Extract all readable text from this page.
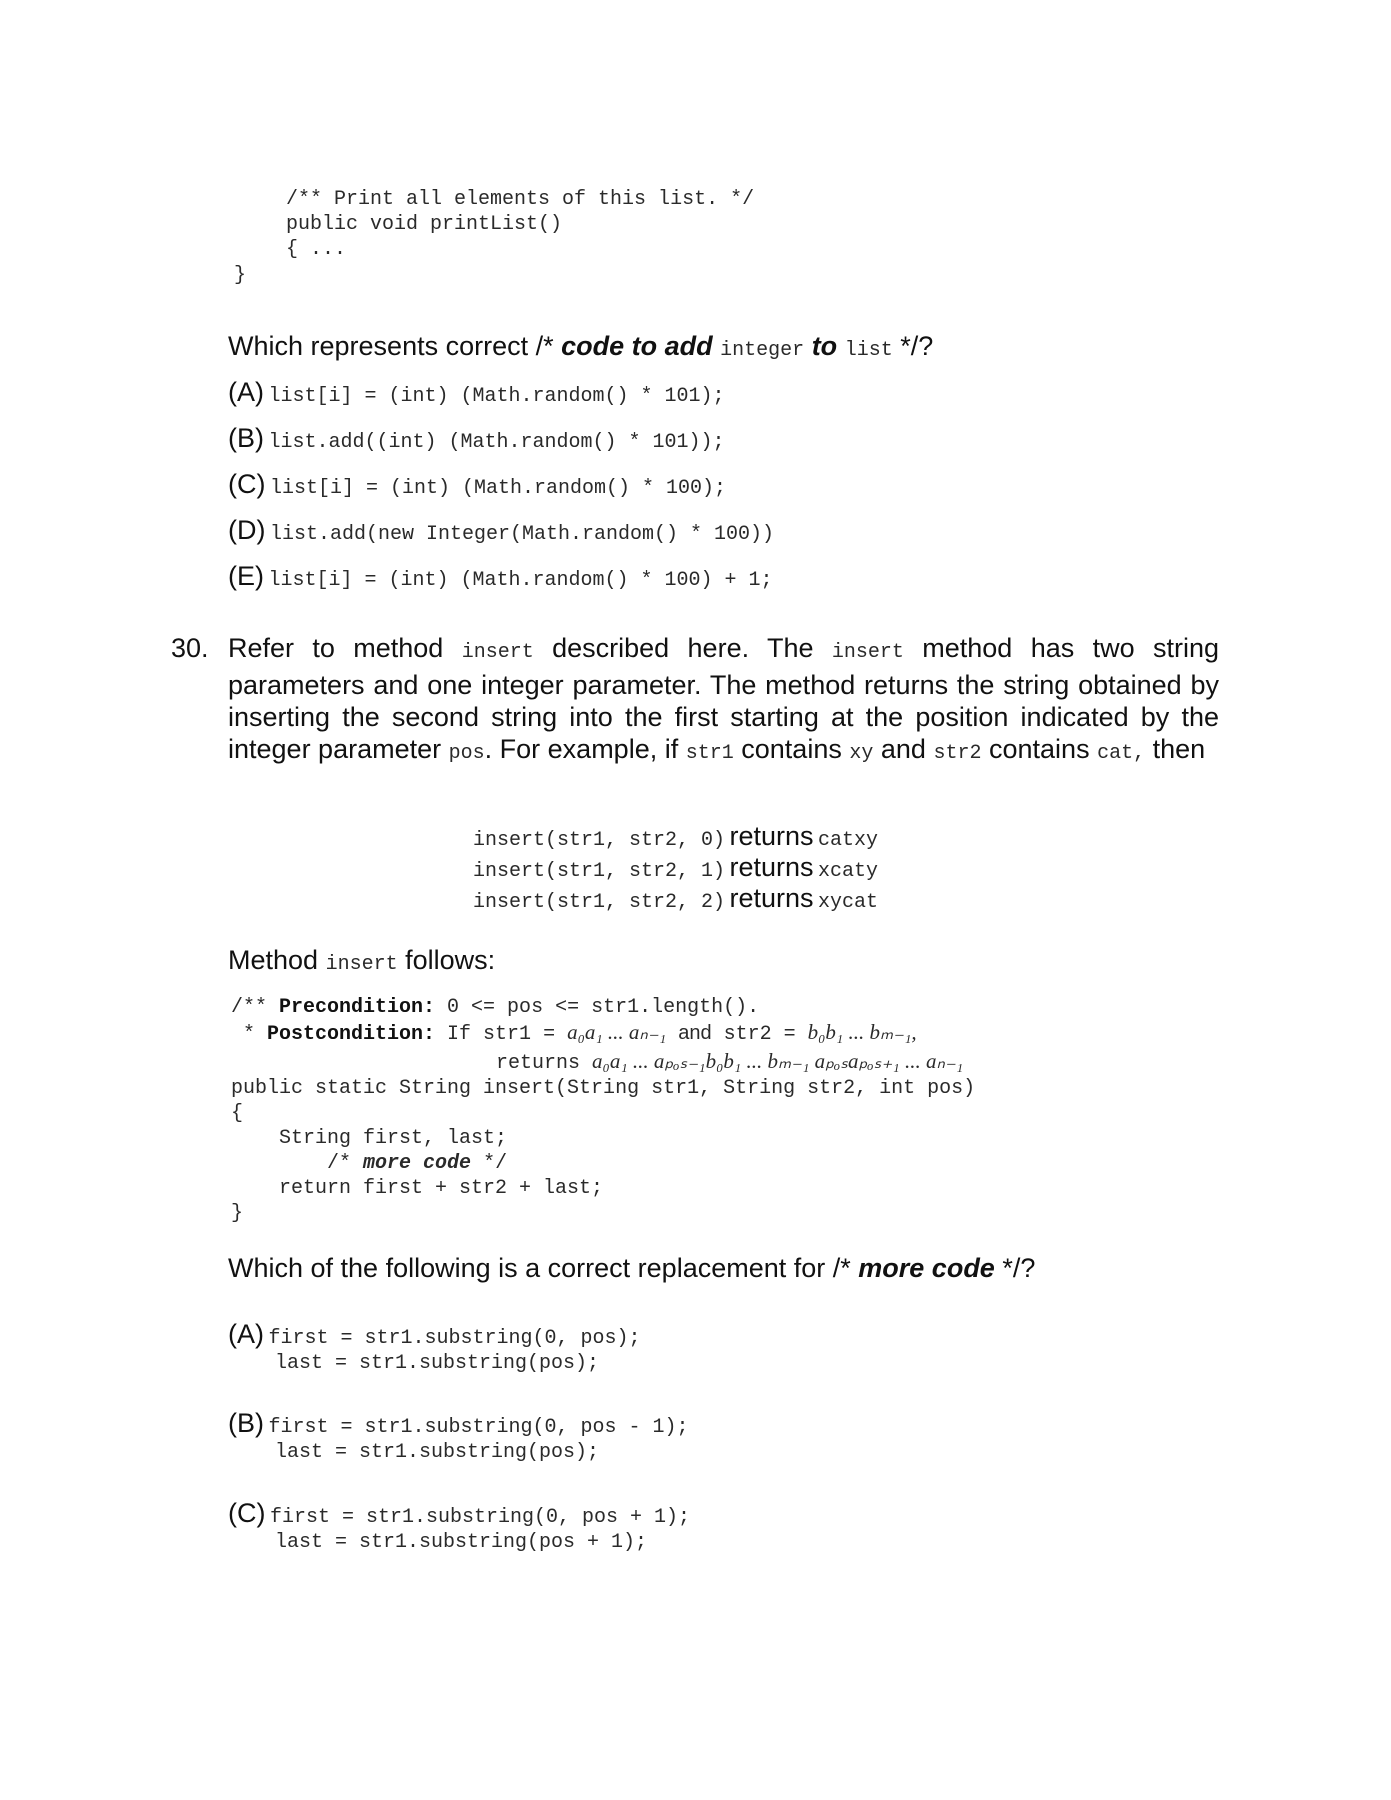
/** Print all elements of this list. */
public void printList()
{ ...
}

Which represents correct /* code to add integer to list */?

(A) list[i] = (int) (Math.random() * 101);

(B) list.add((int) (Math.random() * 101));

(C) list[i] = (int) (Math.random() * 100);

(D) list.add(new Integer(Math.random() * 100))

(E) list[i] = (int) (Math.random() * 100) + 1;

30. Refer to method insert described here. The insert method has two string parameters and one integer parameter. The method returns the string obtained by inserting the second string into the first starting at the position indicated by the integer parameter pos. For example, if str1 contains xy and str2 contains cat, then

insert(str1, str2, 0) returns catxy

insert(str1, str2, 1) returns xcaty

insert(str1, str2, 2) returns xycat

Method insert follows:

/** Precondition: 0 <= pos <= str1.length().
* Postcondition: If str1 = a₀a₁ ... aₙ₋₁ and str2 = b₀b₁ ... bₘ₋₁,
returns a₀a₁ ... aₚₒₛ₋₁b₀b₁ ... bₘ₋₁ aₚₒₛaₚₒₛ₊₁ ... aₙ₋₁
public static String insert(String str1, String str2, int pos)
{
String first, last;
/* more code */
return first + str2 + last;
}

Which of the following is a correct replacement for /* more code */?

(A) first = str1.substring(0, pos);

last = str1.substring(pos);

(B) first = str1.substring(0, pos - 1);

last = str1.substring(pos);

(C) first = str1.substring(0, pos + 1);

last = str1.substring(pos + 1);
